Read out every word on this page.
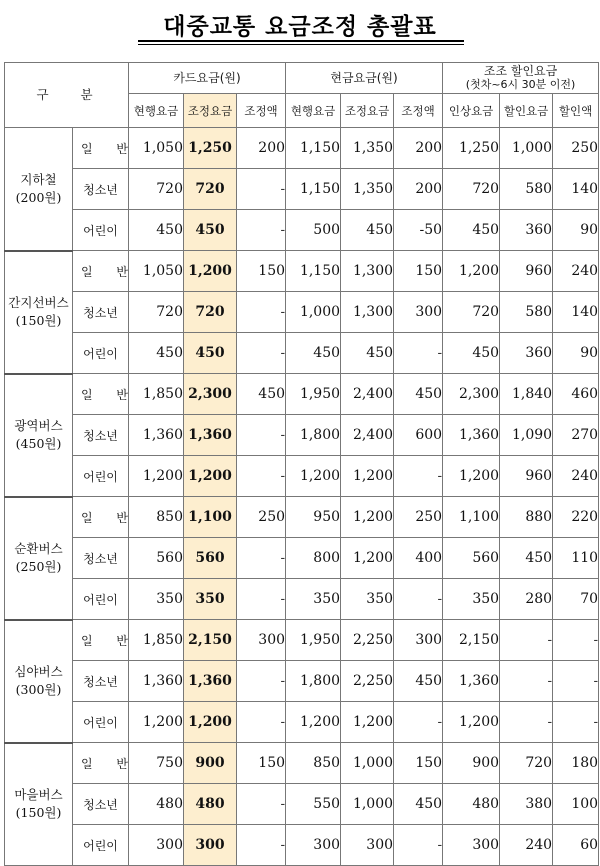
대중교통 요금조정 총괄표
구 분		카드요금(원)			현금요금(원)			조조 할인요금
(첫차~6시 30분 이전)		

		현행요금	조정요금	조정액	현행요금	조정요금	조정액	인상요금	할인요금	할인액

지하철
(200원)	일 반	1,050	1,250	200	1,150	1,350	200	1,250	1,000	250
	청소년	720	720	-	1,150	1,350	200	720	580	140
	어린이	450	450	-	500	450	-50	450	360	90

간지선버스
(150원)	일 반	1,050	1,200	150	1,150	1,300	150	1,200	960	240
	청소년	720	720	-	1,000	1,300	300	720	580	140
	어린이	450	450	-	450	450	-	450	360	90

광역버스
(450원)	일 반	1,850	2,300	450	1,950	2,400	450	2,300	1,840	460
	청소년	1,360	1,360	-	1,800	2,400	600	1,360	1,090	270
	어린이	1,200	1,200	-	1,200	1,200	-	1,200	960	240

순환버스
(250원)	일 반	850	1,100	250	950	1,200	250	1,100	880	220
	청소년	560	560	-	800	1,200	400	560	450	110
	어린이	350	350	-	350	350	-	350	280	70

심야버스
(300원)	일 반	1,850	2,150	300	1,950	2,250	300	2,150	-	-
	청소년	1,360	1,360	-	1,800	2,250	450	1,360	-	-
	어린이	1,200	1,200	-	1,200	1,200	-	1,200	-	-

마을버스
(150원)	일 반	750	900	150	850	1,000	150	900	720	180
	청소년	480	480	-	550	1,000	450	480	380	100
	어린이	300	300	-	300	300	-	300	240	60
